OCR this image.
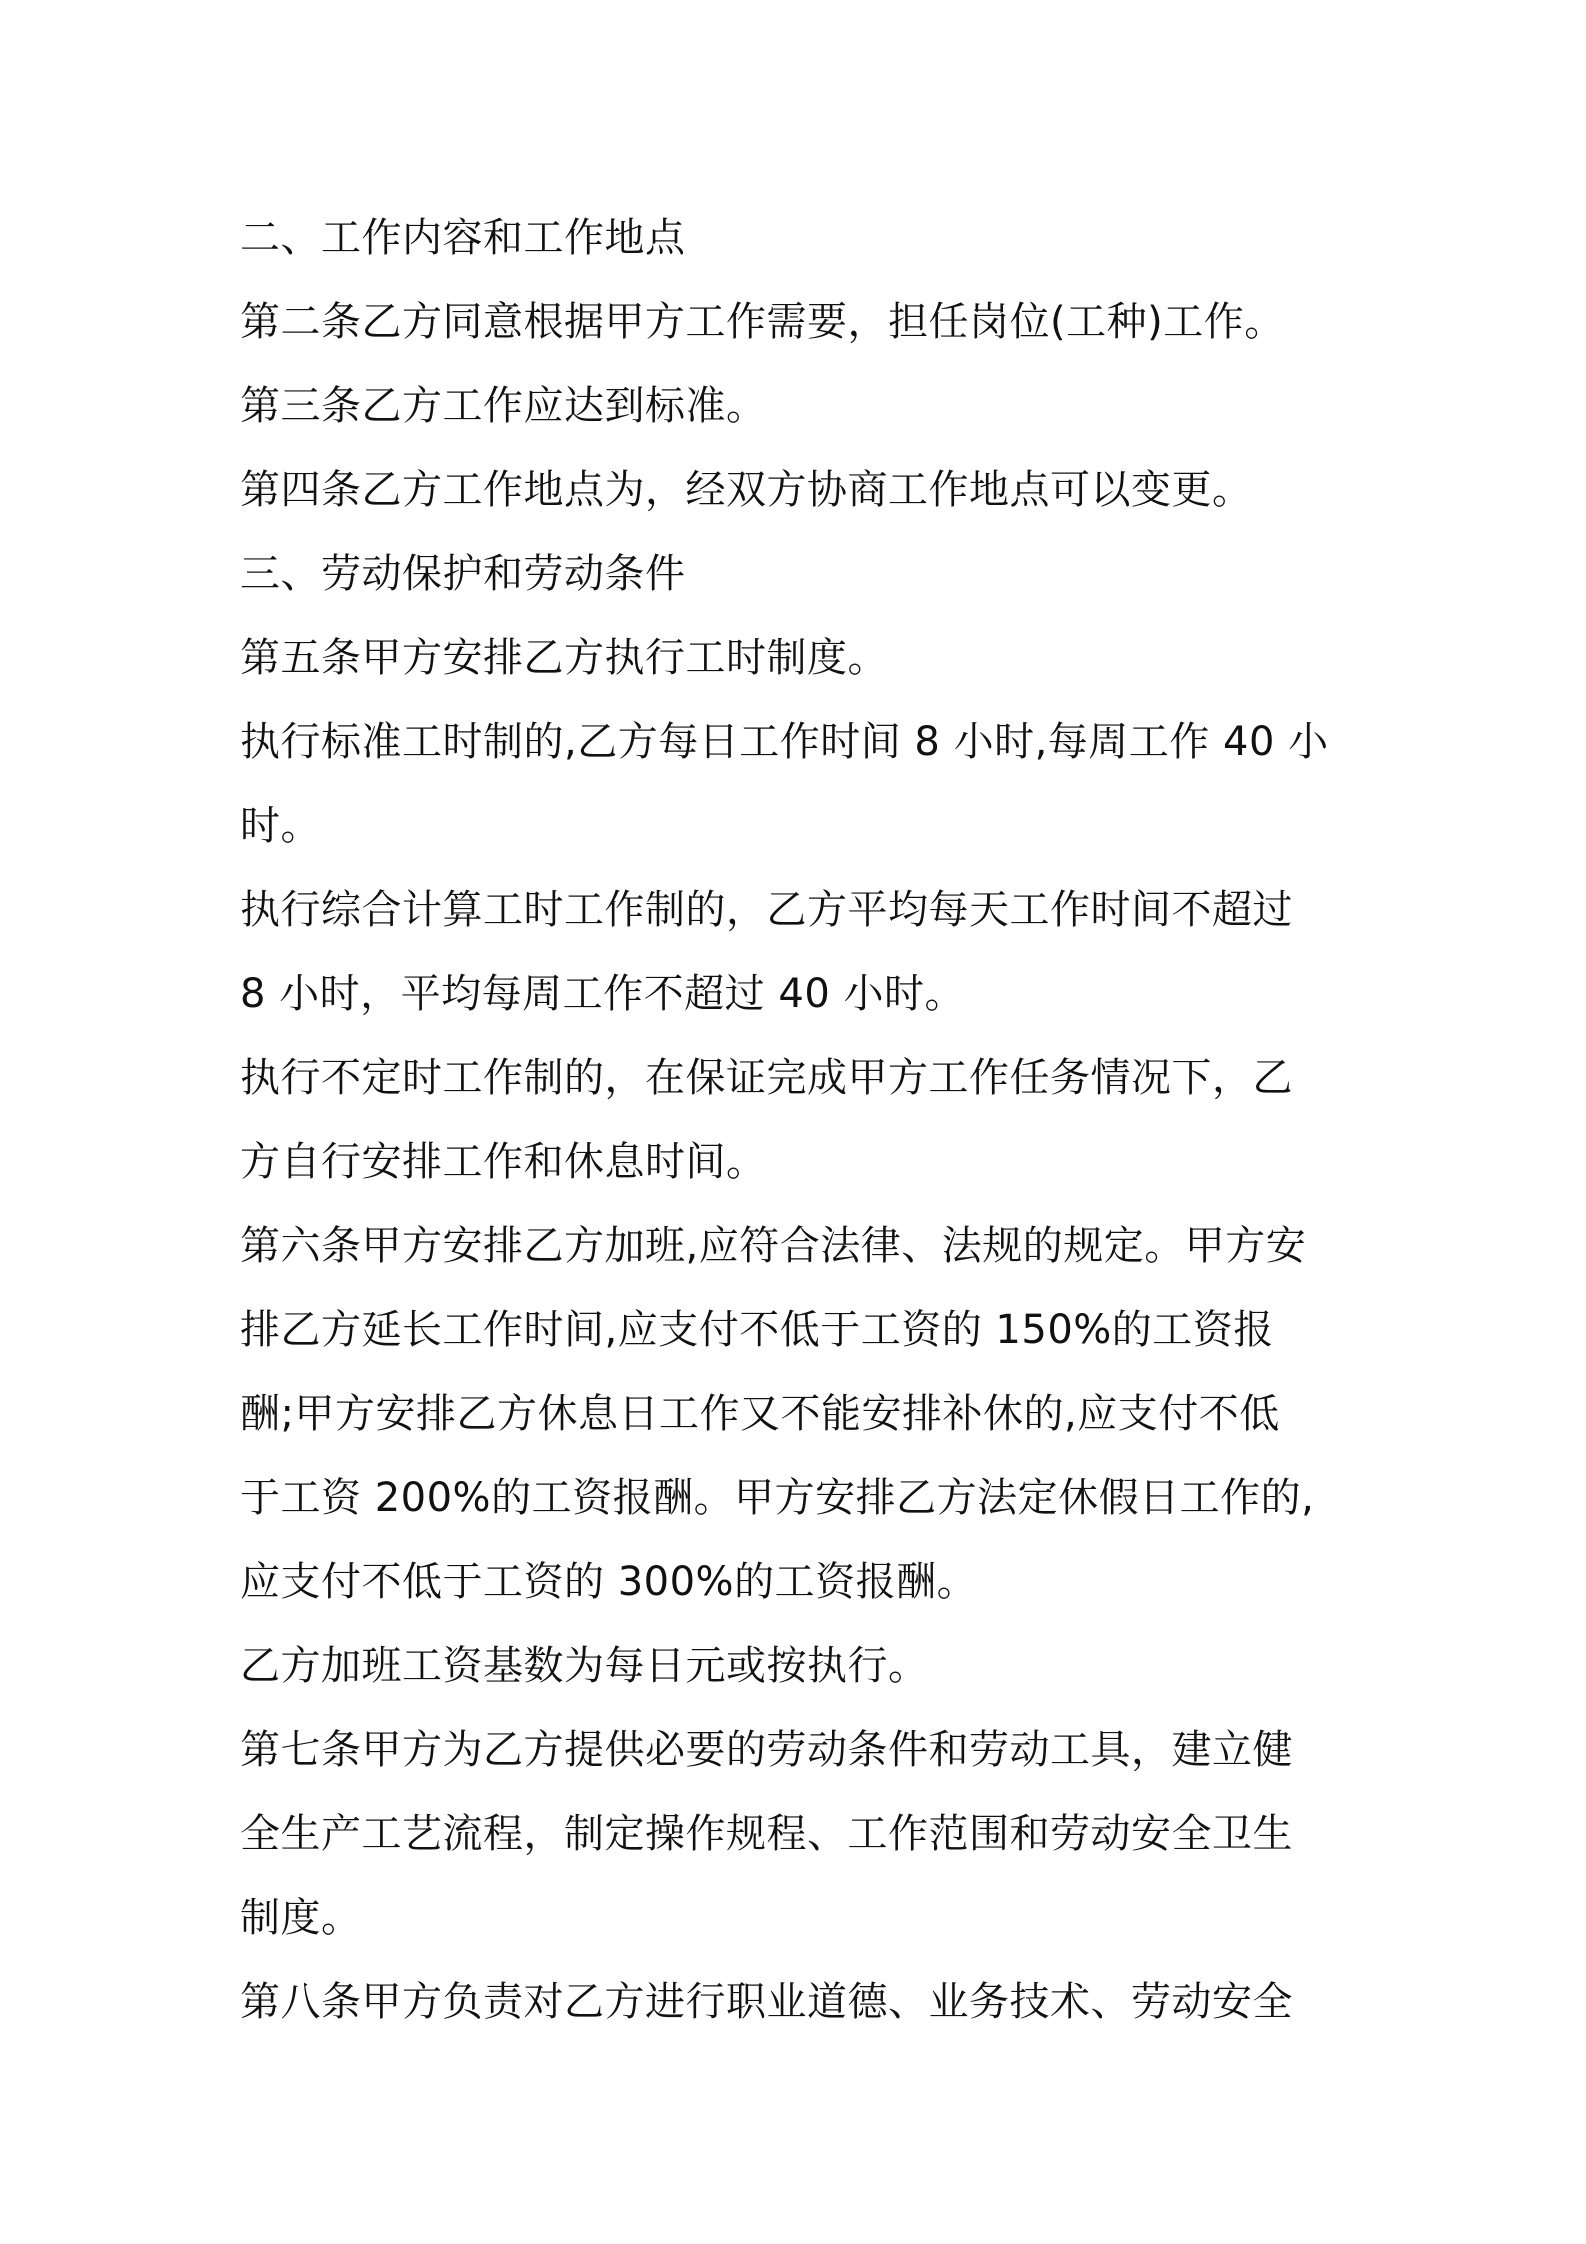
二、工作内容和工作地点
第二条乙方同意根据甲方工作需要，担任岗位(工种)工作。
第三条乙方工作应达到标准。
第四条乙方工作地点为，经双方协商工作地点可以变更。
三、劳动保护和劳动条件
第五条甲方安排乙方执行工时制度。
执行标准工时制的,乙方每日工作时间 8 小时,每周工作 40 小
时。
执行综合计算工时工作制的，乙方平均每天工作时间不超过
8 小时，平均每周工作不超过 40 小时。
执行不定时工作制的，在保证完成甲方工作任务情况下，乙
方自行安排工作和休息时间。
第六条甲方安排乙方加班,应符合法律、法规的规定。甲方安
排乙方延长工作时间,应支付不低于工资的 150%的工资报
酬;甲方安排乙方休息日工作又不能安排补休的,应支付不低
于工资 200%的工资报酬。甲方安排乙方法定休假日工作的,
应支付不低于工资的 300%的工资报酬。
乙方加班工资基数为每日元或按执行。
第七条甲方为乙方提供必要的劳动条件和劳动工具，建立健
全生产工艺流程，制定操作规程、工作范围和劳动安全卫生
制度。
第八条甲方负责对乙方进行职业道德、业务技术、劳动安全
